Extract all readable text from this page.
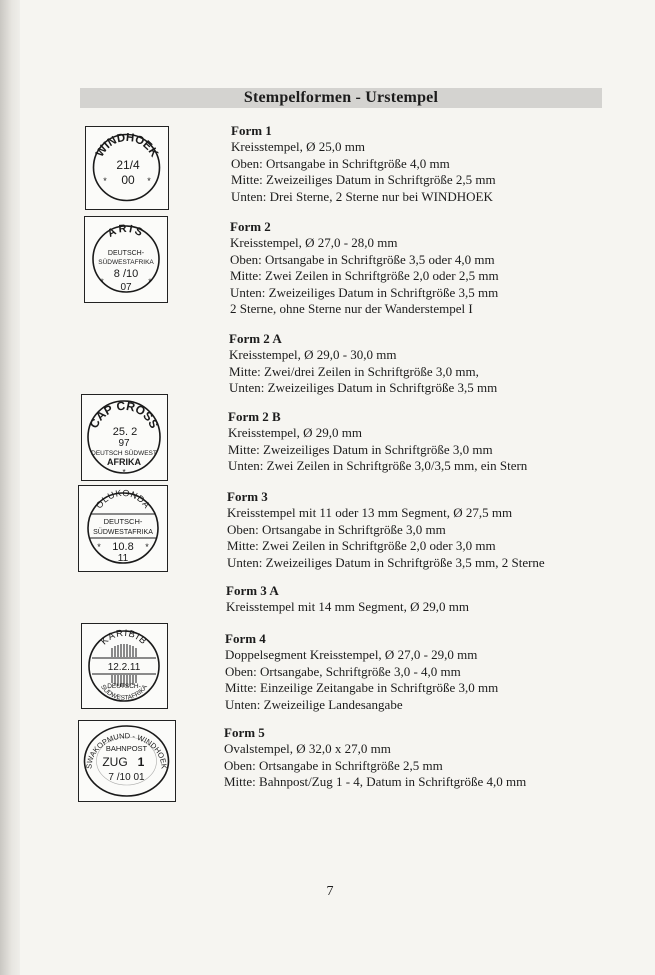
Stempelformen - Urstempel
WINDHOEK
21/4
00
*	*
ARIS
DEUTSCH-
SÜDWESTAFRIKA
8 /10
07
*	*
CAP CROSS
25. 2
97
DEUTSCH SÜDWEST
AFRIKA
*
OLUKONDA
DEUTSCH-
SÜDWESTAFRIKA
10.8
11
*	*
KARIBIB
12.2.11
DEUTSCH-
SÜDWESTAFRIKA
SWAKOPMUND - WINDHOEK
BAHNPOST
ZUG 1
7 /10 01
Form 1
Kreisstempel, Ø 25,0 mm
Oben: Ortsangabe in Schriftgröße 4,0 mm
Mitte: Zweizeiliges Datum in Schriftgröße 2,5 mm
Unten: Drei Sterne, 2 Sterne nur bei WINDHOEK
Form 2
Kreisstempel, Ø 27,0 - 28,0 mm
Oben: Ortsangabe in Schriftgröße 3,5 oder 4,0 mm
Mitte: Zwei Zeilen in Schriftgröße 2,0 oder 2,5 mm
Unten: Zweizeiliges Datum in Schriftgröße 3,5 mm
2 Sterne, ohne Sterne nur der Wanderstempel I
Form 2 A
Kreisstempel, Ø 29,0 - 30,0 mm
Mitte: Zwei/drei Zeilen in Schriftgröße 3,0 mm,
Unten: Zweizeiliges Datum in Schriftgröße 3,5 mm
Form 2 B
Kreisstempel, Ø 29,0 mm
Mitte: Zweizeiliges Datum in Schriftgröße 3,0 mm
Unten: Zwei Zeilen in Schriftgröße 3,0/3,5 mm, ein Stern
Form 3
Kreisstempel mit 11 oder 13 mm Segment, Ø 27,5 mm
Oben: Ortsangabe in Schriftgröße 3,0 mm
Mitte: Zwei Zeilen in Schriftgröße 2,0 oder 3,0 mm
Unten: Zweizeiliges Datum in Schriftgröße 3,5 mm, 2 Sterne
Form 3 A
Kreisstempel mit 14 mm Segment, Ø 29,0 mm
Form 4
Doppelsegment Kreisstempel, Ø 27,0 - 29,0 mm
Oben: Ortsangabe, Schriftgröße 3,0 - 4,0 mm
Mitte: Einzeilige Zeitangabe in Schriftgröße 3,0 mm
Unten: Zweizeilige Landesangabe
Form 5
Ovalstempel, Ø 32,0 x 27,0 mm
Oben: Ortsangabe in Schriftgröße 2,5 mm
Mitte: Bahnpost/Zug 1 - 4, Datum in Schriftgröße 4,0 mm
7
